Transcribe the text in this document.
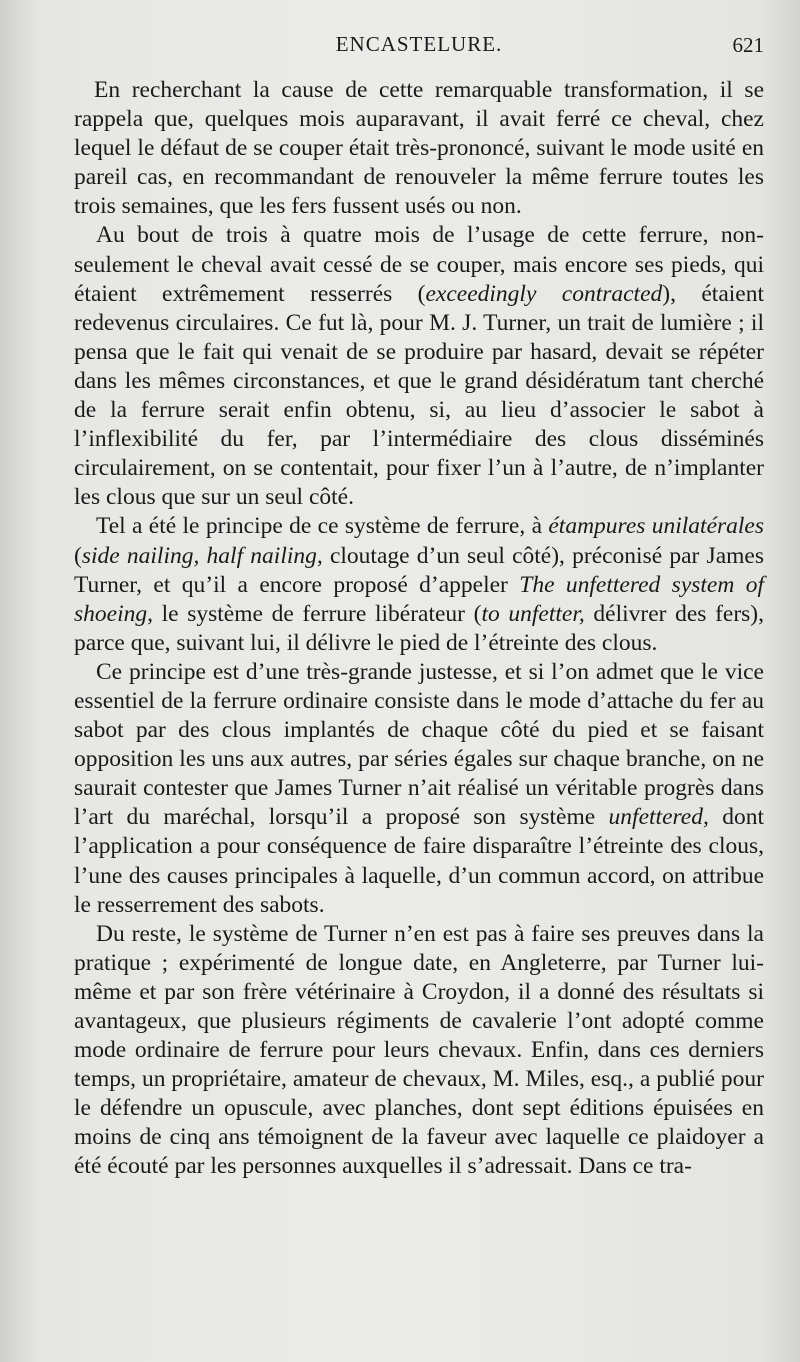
ENCASTELURE.	621

En recherchant la cause de cette remarquable transformation, il se rappela que, quelques mois auparavant, il avait ferré ce cheval, chez lequel le défaut de se couper était très-prononcé, suivant le mode usité en pareil cas, en recommandant de renouveler la même ferrure toutes les trois semaines, que les fers fussent usés ou non.

Au bout de trois à quatre mois de l’usage de cette ferrure, non-seulement le cheval avait cessé de se couper, mais encore ses pieds, qui étaient extrêmement resserrés (exceedingly contracted), étaient redevenus circulaires. Ce fut là, pour M. J. Turner, un trait de lumière ; il pensa que le fait qui venait de se produire par hasard, devait se répéter dans les mêmes circonstances, et que le grand désidératum tant cherché de la ferrure serait enfin obtenu, si, au lieu d’associer le sabot à l’inflexibilité du fer, par l’intermédiaire des clous disséminés circulairement, on se contentait, pour fixer l’un à l’autre, de n’implanter les clous que sur un seul côté.

Tel a été le principe de ce système de ferrure, à étampures unilatérales (side nailing, half nailing, cloutage d’un seul côté), préconisé par James Turner, et qu’il a encore proposé d’appeler The unfettered system of shoeing, le système de ferrure libérateur (to unfetter, délivrer des fers), parce que, suivant lui, il délivre le pied de l’étreinte des clous.

Ce principe est d’une très-grande justesse, et si l’on admet que le vice essentiel de la ferrure ordinaire consiste dans le mode d’attache du fer au sabot par des clous implantés de chaque côté du pied et se faisant opposition les uns aux autres, par séries égales sur chaque branche, on ne saurait contester que James Turner n’ait réalisé un véritable progrès dans l’art du maréchal, lorsqu’il a proposé son système unfettered, dont l’application a pour conséquence de faire disparaître l’étreinte des clous, l’une des causes principales à laquelle, d’un commun accord, on attribue le resserrement des sabots.

Du reste, le système de Turner n’en est pas à faire ses preuves dans la pratique ; expérimenté de longue date, en Angleterre, par Turner lui-même et par son frère vétérinaire à Croydon, il a donné des résultats si avantageux, que plusieurs régiments de cavalerie l’ont adopté comme mode ordinaire de ferrure pour leurs chevaux. Enfin, dans ces derniers temps, un propriétaire, amateur de chevaux, M. Miles, esq., a publié pour le défendre un opuscule, avec planches, dont sept éditions épuisées en moins de cinq ans témoignent de la faveur avec laquelle ce plaidoyer a été écouté par les personnes auxquelles il s’adressait. Dans ce tra-
